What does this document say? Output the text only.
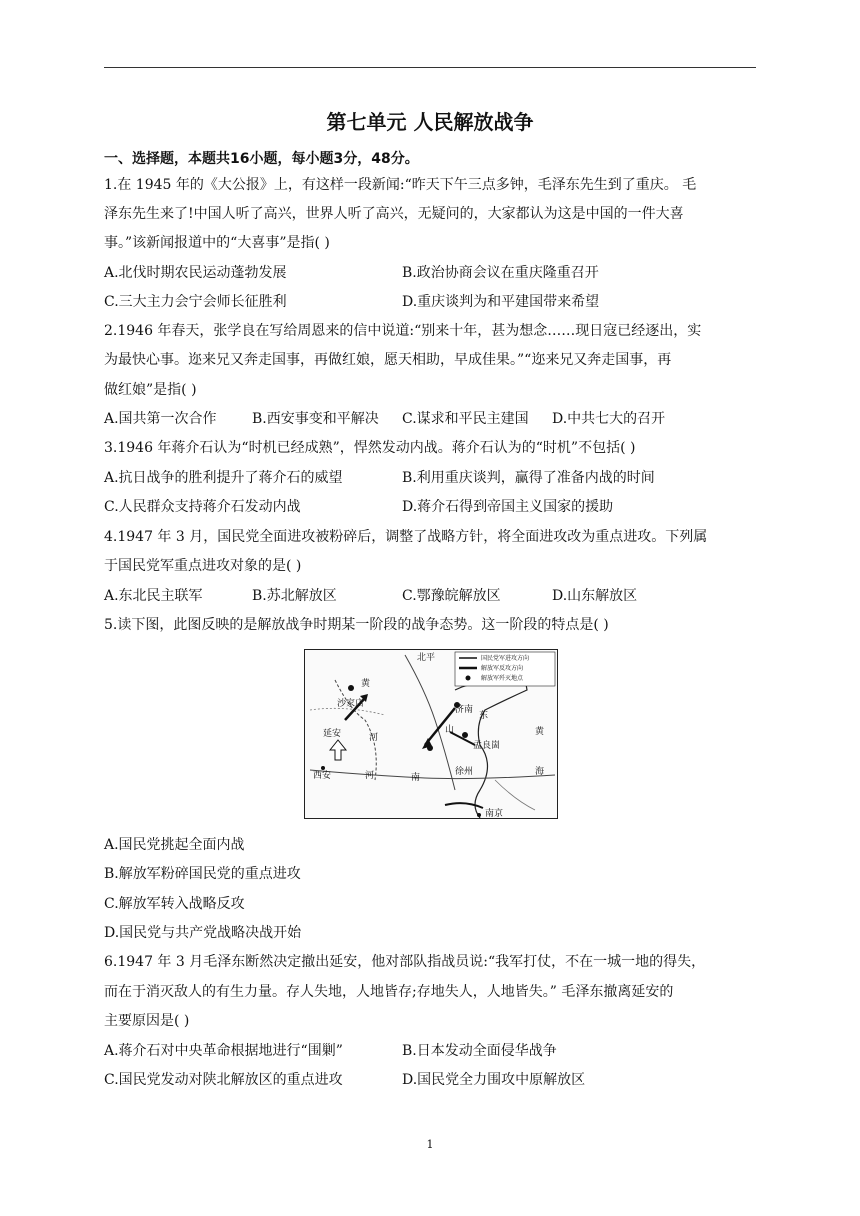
第七单元 人民解放战争
一、选择题，本题共16小题，每小题3分，48分。
1.在 1945 年的《大公报》上，有这样一段新闻:“昨天下午三点多钟，毛泽东先生到了重庆。 毛
泽东先生来了!中国人听了高兴，世界人听了高兴，无疑问的，大家都认为这是中国的一件大喜
事。”该新闻报道中的“大喜事”是指( )
A.北伐时期农民运动蓬勃发展	B.政治协商会议在重庆隆重召开
C.三大主力会宁会师长征胜利	D.重庆谈判为和平建国带来希望
2.1946 年春天，张学良在写给周恩来的信中说道:“别来十年，甚为想念……现日寇已经逐出，实
为最快心事。迩来兄又奔走国事，再做红娘，愿天相助，早成佳果。”“迩来兄又奔走国事，再
做红娘”是指( )
A.国共第一次合作	B.西安事变和平解决 C.谋求和平民主建国 D.中共七大的召开
3.1946 年蒋介石认为“时机已经成熟”，悍然发动内战。蒋介石认为的“时机”不包括( )
A.抗日战争的胜利提升了蒋介石的威望	B.利用重庆谈判，赢得了准备内战的时间
C.人民群众支持蒋介石发动内战	D.蒋介石得到帝国主义国家的援助
4.1947 年 3 月，国民党全面进攻被粉碎后，调整了战略方针，将全面进攻改为重点进攻。下列属
于国民党军重点进攻对象的是( )
A.东北民主联军	B.苏北解放区	C.鄂豫皖解放区	D.山东解放区
5.读下图，此图反映的是解放战争时期某一阶段的战争态势。这一阶段的特点是( )
国民党军进攻方向
解放军反攻方向
解放军歼灭地点
北平
黄
沙家店
延安	河
济南
东
山
孟良崮
黄
海
西安	河	南
徐州
南京
A.国民党挑起全面内战
B.解放军粉碎国民党的重点进攻
C.解放军转入战略反攻
D.国民党与共产党战略决战开始
6.1947 年 3 月毛泽东断然决定撤出延安，他对部队指战员说:“我军打仗，不在一城一地的得失，
而在于消灭敌人的有生力量。存人失地，人地皆存;存地失人，人地皆失。” 毛泽东撤离延安的
主要原因是( )
A.蒋介石对中央革命根据地进行“围剿”	B.日本发动全面侵华战争
C.国民党发动对陕北解放区的重点进攻	D.国民党全力围攻中原解放区
1
